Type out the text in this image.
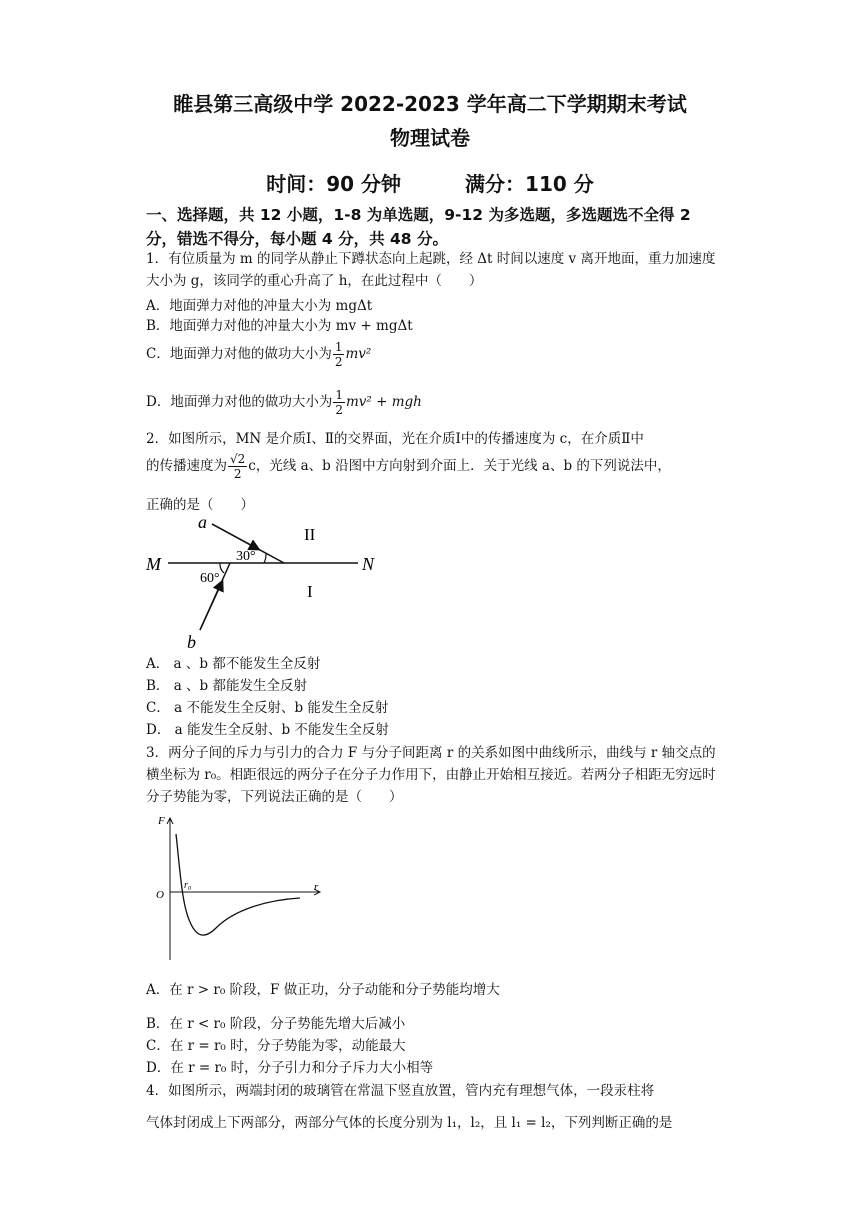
睢县第三高级中学 2022-2023 学年高二下学期期末考试
物理试卷
时间：90 分钟	满分：110 分
一、选择题，共 12 小题，1-8 为单选题，9-12 为多选题，多选题选不全得 2 分，错选不得分，每小题 4 分，共 48 分。
1．有位质量为 m 的同学从静止下蹲状态向上起跳，经 Δt 时间以速度 v 离开地面，重力加速度大小为 g，该同学的重心升高了 h，在此过程中（　　）
A．地面弹力对他的冲量大小为 mgΔt
B．地面弹力对他的冲量大小为 mv + mgΔt
C．地面弹力对他的做功大小为 $\frac{1}{2} mv^2$
D．地面弹力对他的做功大小为 $\frac{1}{2} mv^2$ + mgh
2．如图所示，MN 是介质Ⅰ、Ⅱ的交界面，光在介质Ⅰ中的传播速度为 c，在介质Ⅱ中
的传播速度为 $\frac{√2}{2}$ c，光线 a、b 沿图中方向射到介面上．关于光线 a、b 的下列说法中，
正确的是（　　）
a
b
M	N
II
I
30°
60°
A． a 、b 都不能发生全反射
B． a 、b 都能发生全反射
C． a 不能发生全反射、b 能发生全反射
D． a 能发生全反射、b 不能发生全反射
3．两分子间的斥力与引力的合力 F 与分子间距离 r 的关系如图中曲线所示，曲线与 r 轴交点的横坐标为 r₀。相距很远的两分子在分子力作用下，由静止开始相互接近。若两分子相距无穷远时分子势能为零，下列说法正确的是（　　）
F
O
r
r₀
A．在 r > r₀ 阶段，F 做正功，分子动能和分子势能均增大
B．在 r < r₀ 阶段，分子势能先增大后减小
C．在 r = r₀ 时，分子势能为零，动能最大
D．在 r = r₀ 时，分子引力和分子斥力大小相等
4．如图所示，两端封闭的玻璃管在常温下竖直放置，管内充有理想气体，一段汞柱将
气体封闭成上下两部分，两部分气体的长度分别为 l₁，l₂，且 l₁ = l₂，下列判断正确的是
